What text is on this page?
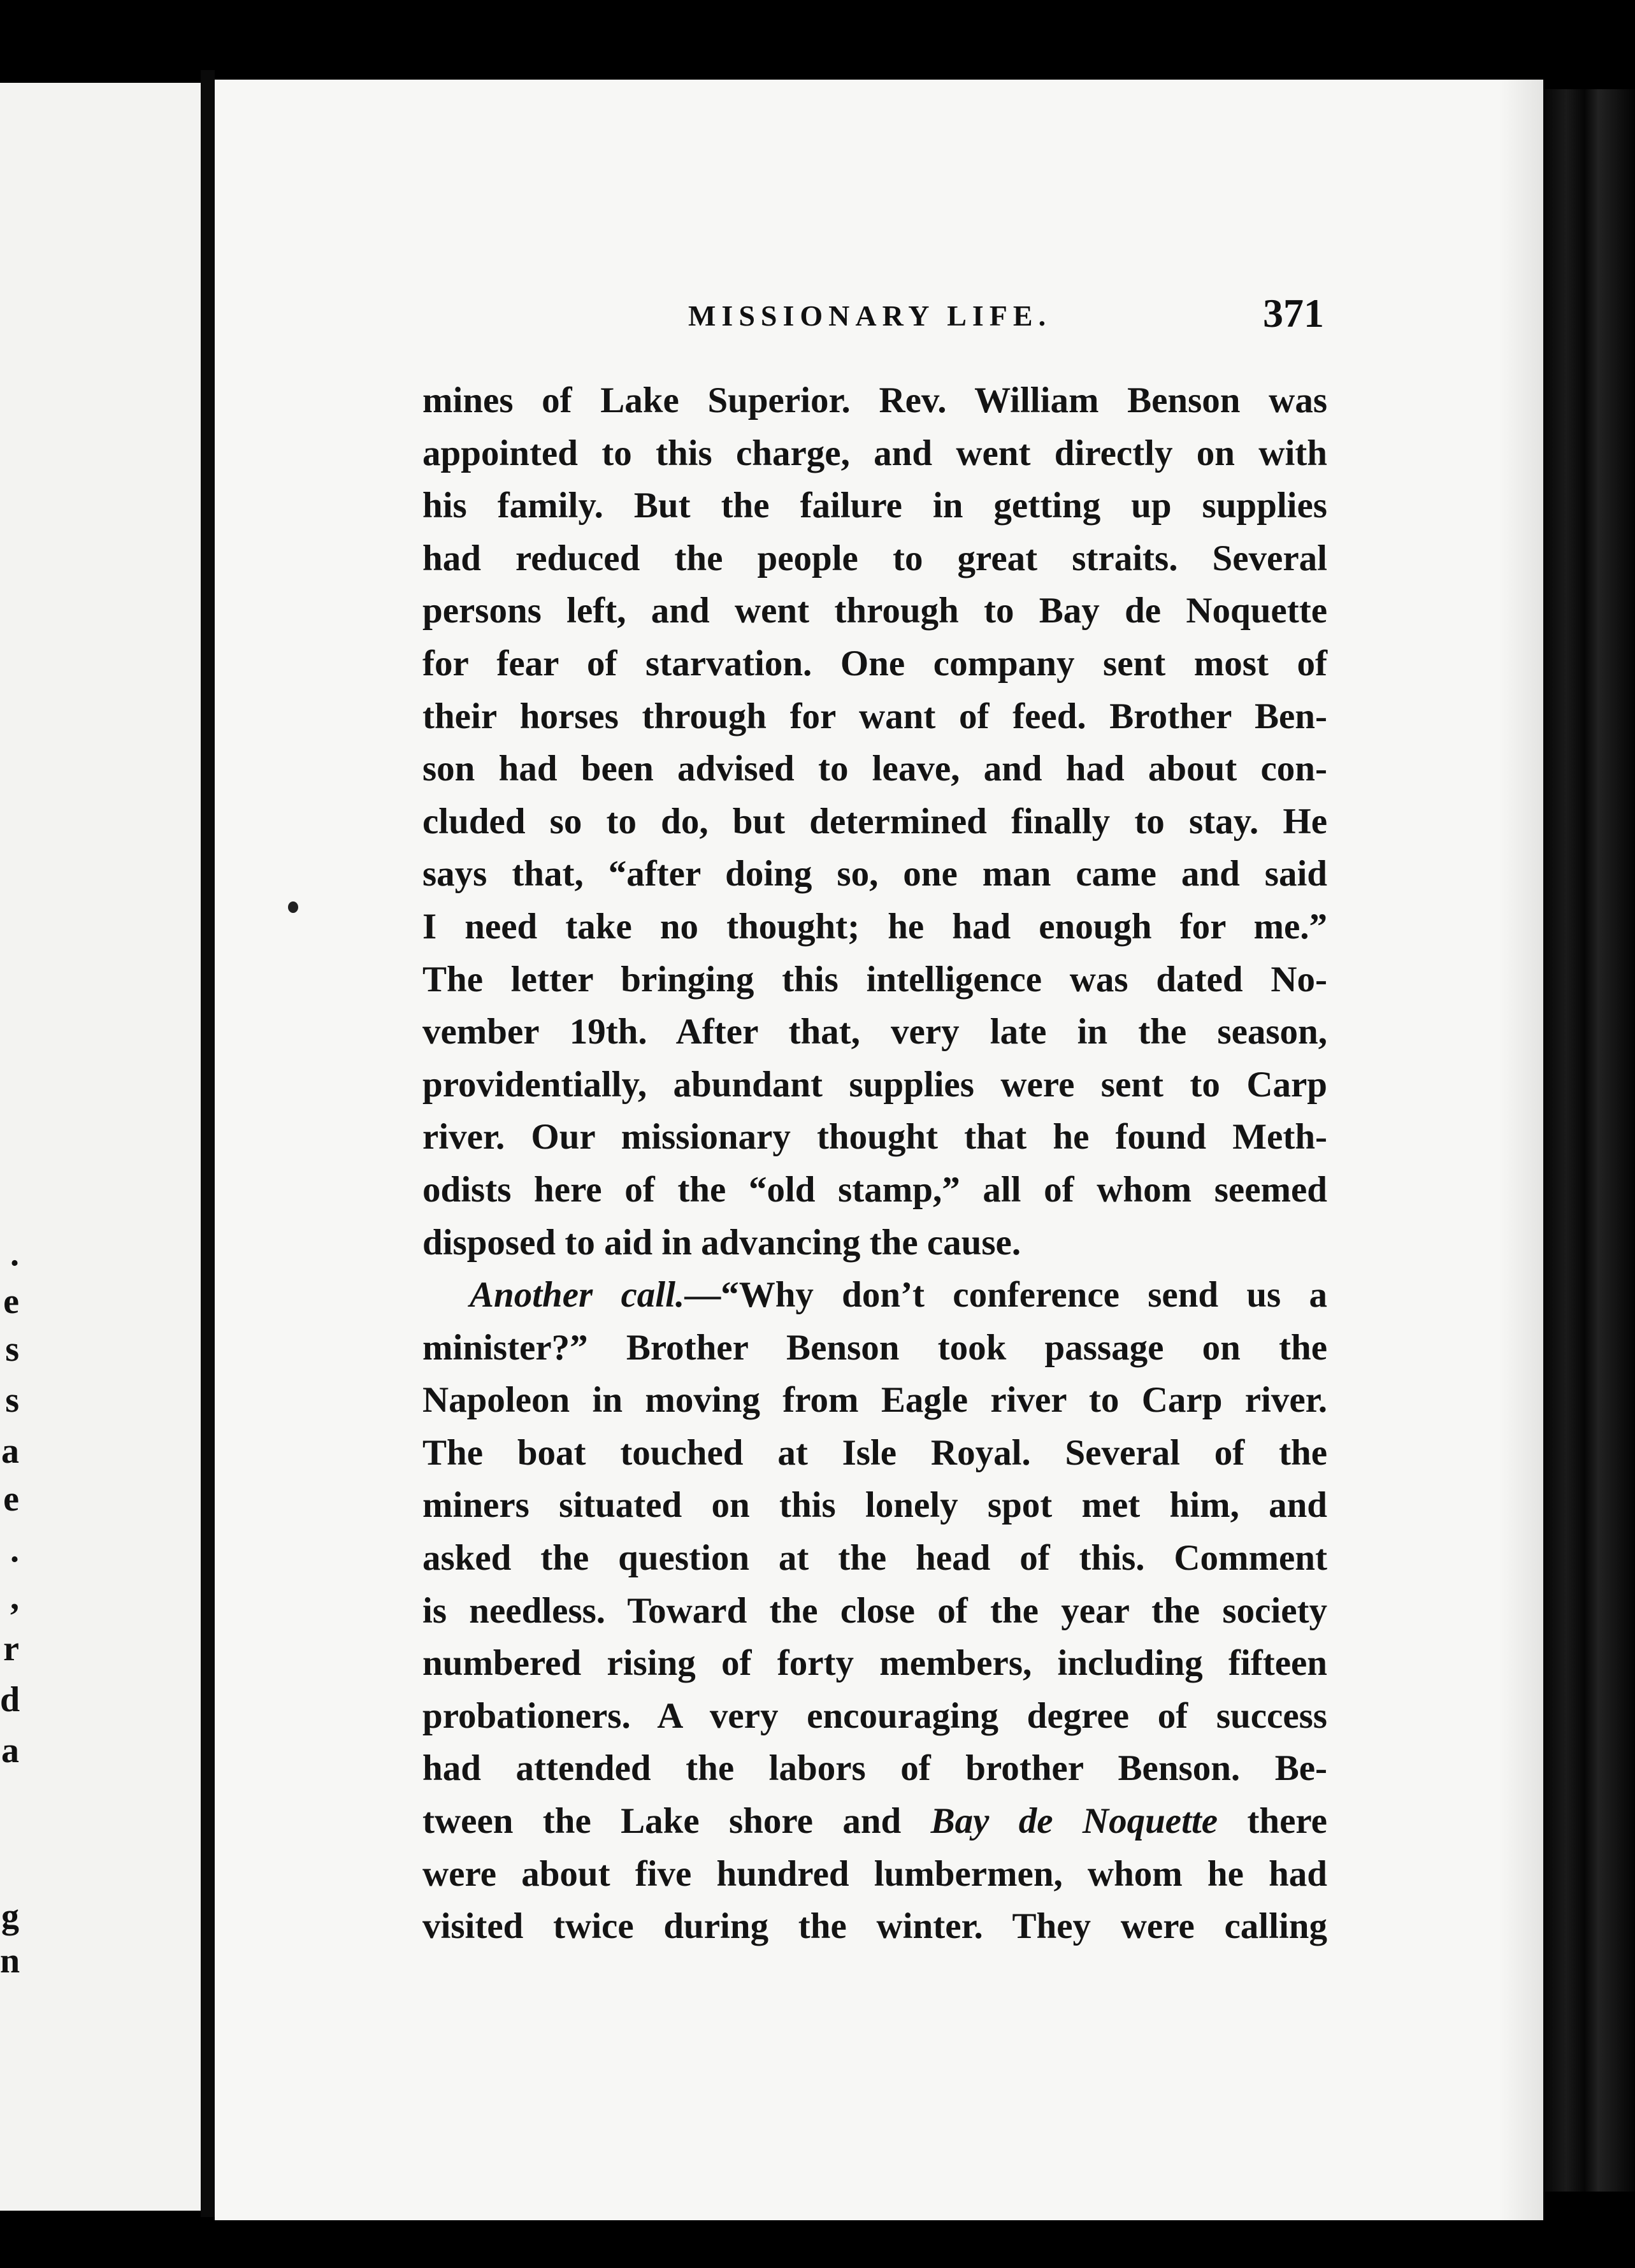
.
e
s
s
a
e
.
,
r
d
a
g
n
MISSIONARY LIFE.	371
mines of Lake Superior. Rev. William Benson was
appointed to this charge, and went directly on with
his family. But the failure in getting up supplies
had reduced the people to great straits. Several
persons left, and went through to Bay de Noquette
for fear of starvation. One company sent most of
their horses through for want of feed. Brother Ben-
son had been advised to leave, and had about con-
cluded so to do, but determined finally to stay. He
says that, “after doing so, one man came and said
I need take no thought; he had enough for me.”
The letter bringing this intelligence was dated No-
vember 19th. After that, very late in the season,
providentially, abundant supplies were sent to Carp
river. Our missionary thought that he found Meth-
odists here of the “old stamp,” all of whom seemed
disposed to aid in advancing the cause.
Another call.—“Why don’t conference send us a
minister?” Brother Benson took passage on the
Napoleon in moving from Eagle river to Carp river.
The boat touched at Isle Royal. Several of the
miners situated on this lonely spot met him, and
asked the question at the head of this. Comment
is needless. Toward the close of the year the society
numbered rising of forty members, including fifteen
probationers. A very encouraging degree of success
had attended the labors of brother Benson. Be-
tween the Lake shore and Bay de Noquette there
were about five hundred lumbermen, whom he had
visited twice during the winter. They were calling
